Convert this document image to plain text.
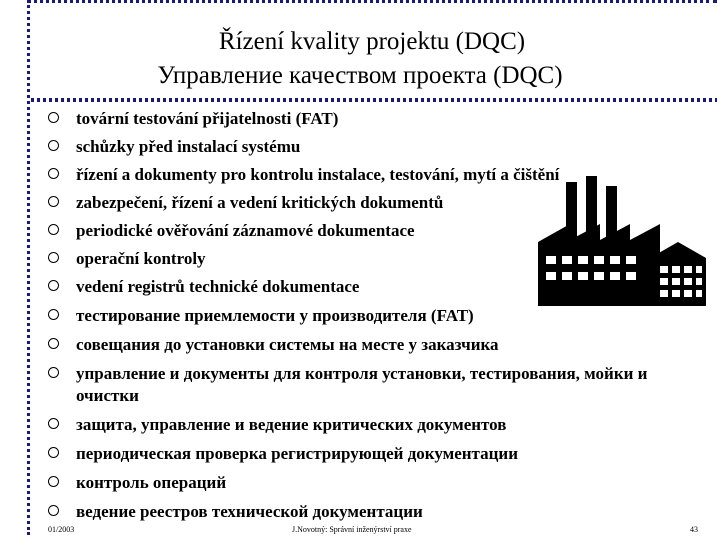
Řízení kvality projektu (DQC)
Управление качеством проекта (DQC)
tovární testování přijatelnosti (FAT)
schůzky před instalací systému
řízení a dokumenty pro kontrolu instalace, testování, mytí a čištění
zabezpečení, řízení a vedení kritických dokumentů
periodické ověřování záznamové dokumentace
operační kontroly
vedení registrů technické dokumentace
тестирование приемлемости у производителя (FAT)
совещания до установки системы на месте у заказчика
управление и документы для контроля установки, тестирования, мойки и очистки
защита, управление и ведение критических документов
периодическая проверка регистрирующей документации
контроль операций
ведение реестров технической документации
01/2003	J.Novotný: Správní inženýrství praxe	43
